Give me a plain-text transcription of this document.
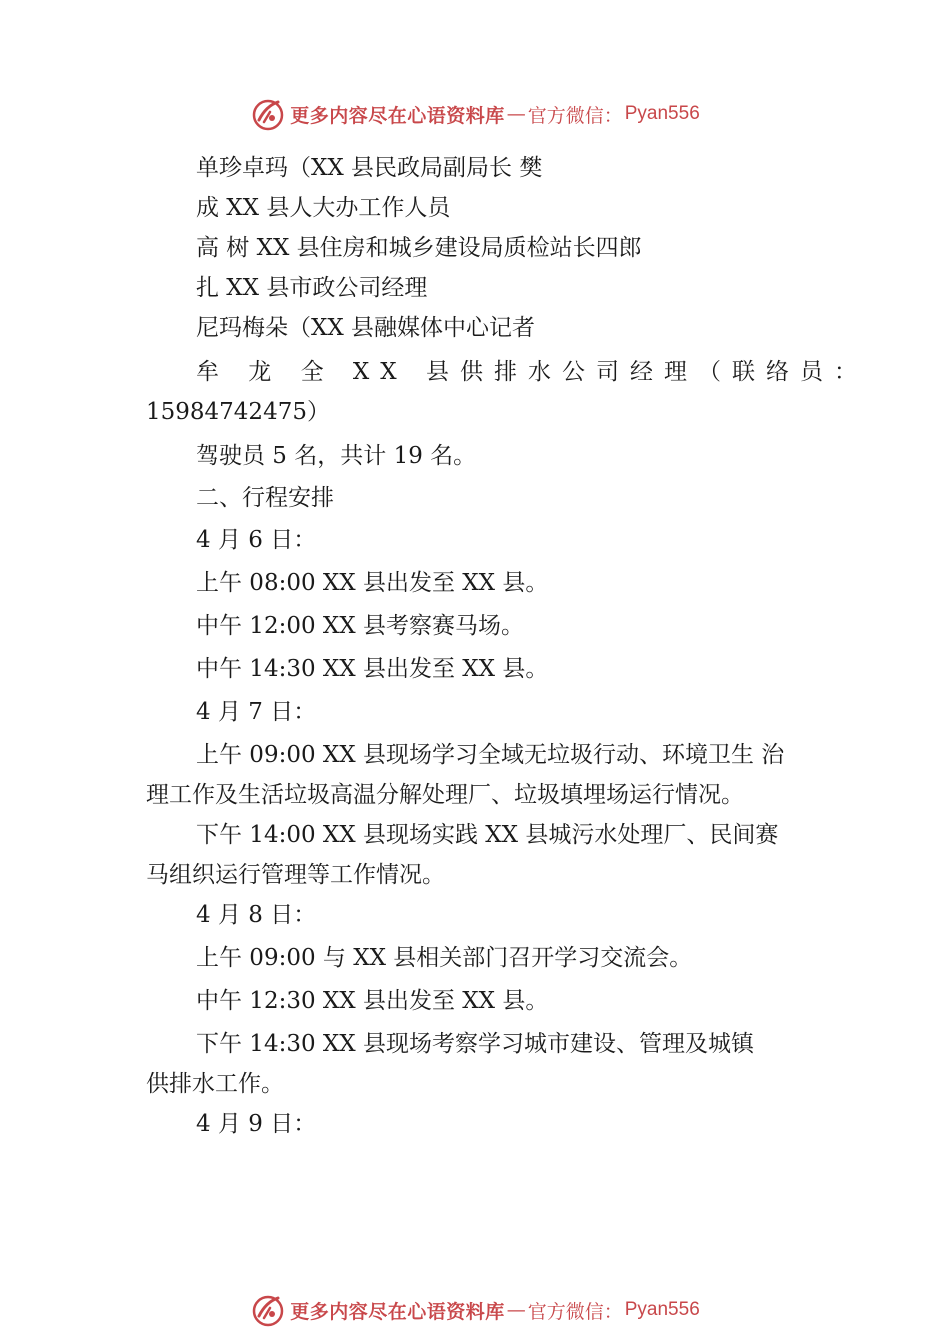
更多内容尽在心语资料库 — 官方微信： Pyan556
单珍卓玛（XX 县民政局副局长 樊
成 XX 县人大办工作人员
高 树 XX 县住房和城乡建设局质检站长四郎
扎 XX 县市政公司经理
尼玛梅朵（XX 县融媒体中心记者
牟 龙 全 XX 县供排水公司经理（联络员：
15984742475）
驾驶员 5 名，共计 19 名。
二、行程安排
4 月 6 日：
上午 08:00 XX 县出发至 XX 县。
中午 12:00 XX 县考察赛马场。
中午 14:30 XX 县出发至 XX 县。
4 月 7 日：
上午 09:00 XX 县现场学习全域无垃圾行动、环境卫生 治
理工作及生活垃圾高温分解处理厂、垃圾填埋场运行情况。
下午 14:00 XX 县现场实践 XX 县城污水处理厂、民间赛
马组织运行管理等工作情况。
4 月 8 日：
上午 09:00 与 XX 县相关部门召开学习交流会。
中午 12:30 XX 县出发至 XX 县。
下午 14:30 XX 县现场考察学习城市建设、管理及城镇
供排水工作。
4 月 9 日：
更多内容尽在心语资料库 — 官方微信： Pyan556
